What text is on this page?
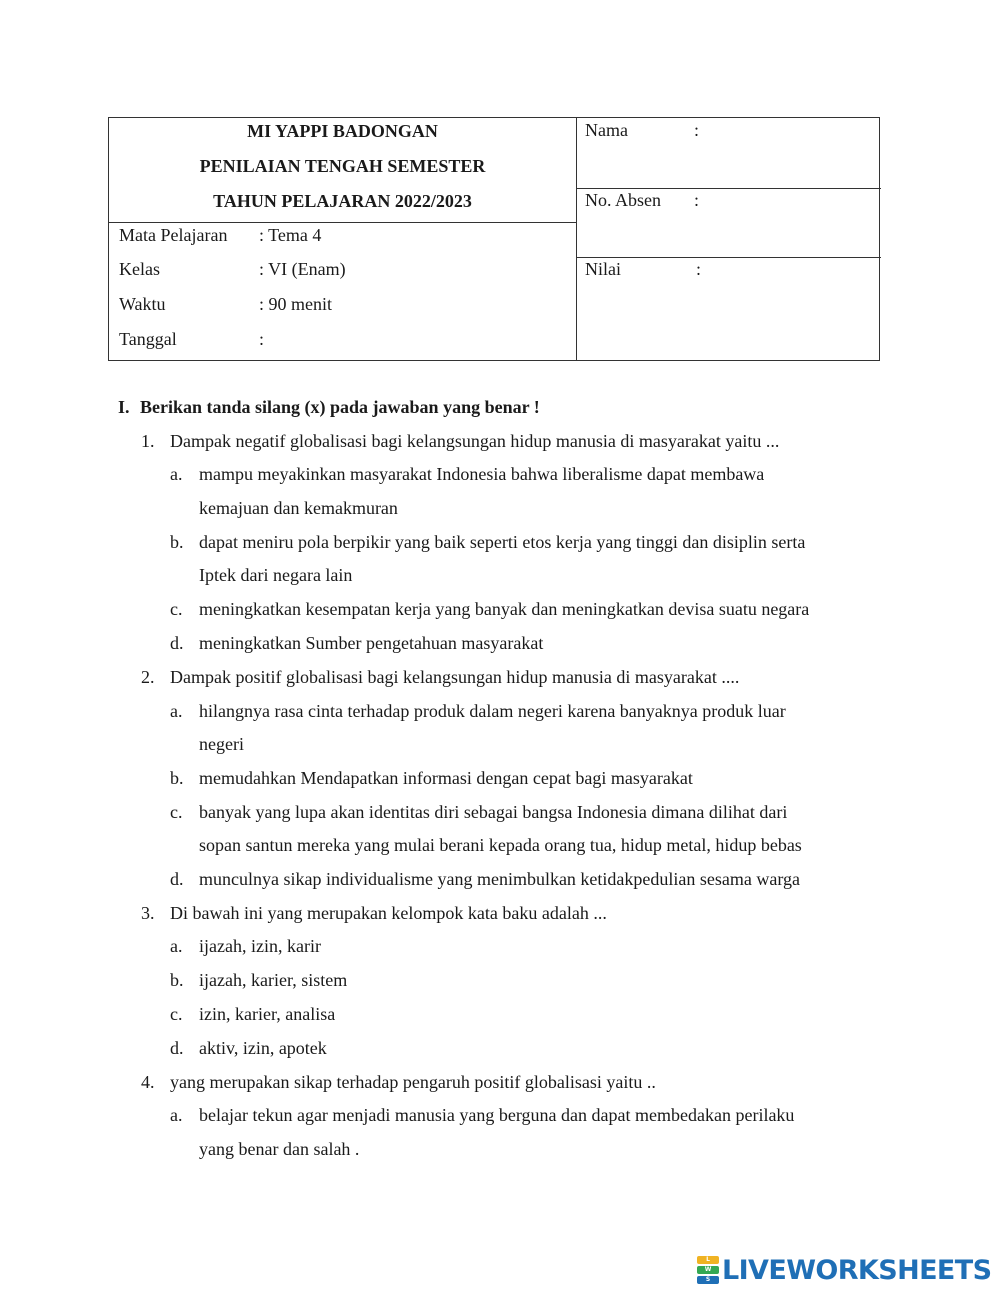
MI YAPPI BADONGAN
PENILAIAN TENGAH SEMESTER
TAHUN PELAJARAN 2022/2023
Mata Pelajaran : Tema 4
Kelas	: VI (Enam)
Waktu	: 90 menit
Tanggal	:
Nama	:
No. Absen :
Nilai	:
I. Berikan tanda silang (x) pada jawaban yang benar !
1. Dampak negatif globalisasi bagi kelangsungan hidup manusia di masyarakat yaitu ...
a. mampu meyakinkan masyarakat Indonesia bahwa liberalisme dapat membawa
kemajuan dan kemakmuran
b. dapat meniru pola berpikir yang baik seperti etos kerja yang tinggi dan disiplin serta
Iptek dari negara lain
c. meningkatkan kesempatan kerja yang banyak dan meningkatkan devisa suatu negara
d. meningkatkan Sumber pengetahuan masyarakat
2. Dampak positif globalisasi bagi kelangsungan hidup manusia di masyarakat ....
a. hilangnya rasa cinta terhadap produk dalam negeri karena banyaknya produk luar
negeri
b. memudahkan Mendapatkan informasi dengan cepat bagi masyarakat
c. banyak yang lupa akan identitas diri sebagai bangsa Indonesia dimana dilihat dari
sopan santun mereka yang mulai berani kepada orang tua, hidup metal, hidup bebas
d. munculnya sikap individualisme yang menimbulkan ketidakpedulian sesama warga
3. Di bawah ini yang merupakan kelompok kata baku adalah ...
a. ijazah, izin, karir
b. ijazah, karier, sistem
c. izin, karier, analisa
d. aktiv, izin, apotek
4. yang merupakan sikap terhadap pengaruh positif globalisasi yaitu ..
a. belajar tekun agar menjadi manusia yang berguna dan dapat membedakan perilaku
yang benar dan salah .
L
W
S LIVEWORKSHEETS
